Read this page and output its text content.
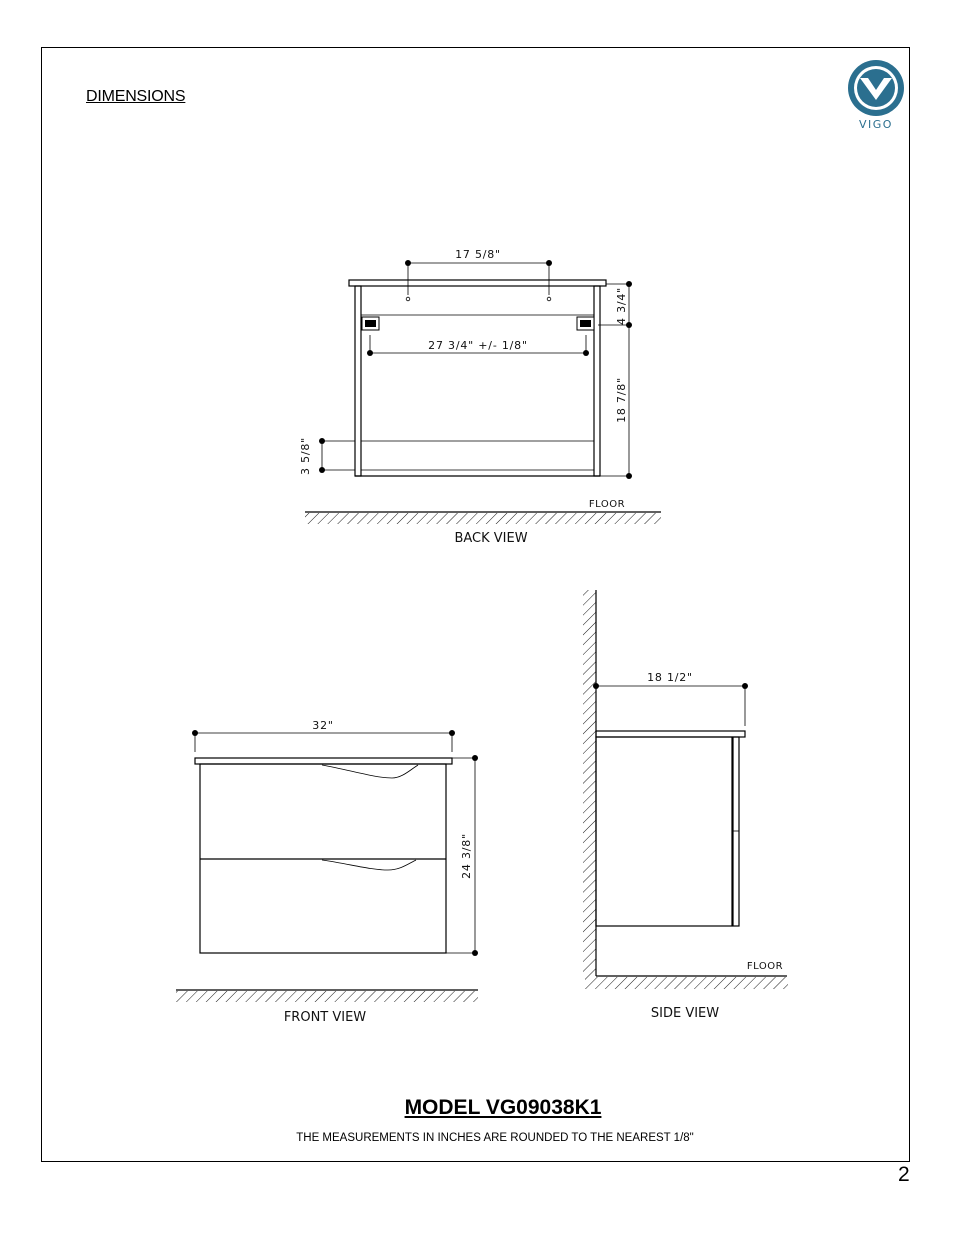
DIMENSIONS
VIGO
17 5/8"
27 3/4" +/- 1/8"
4 3/4"
18 7/8"
3 5/8"
FLOOR
BACK VIEW
32"
24 3/8"
FRONT VIEW
FLOOR
18 1/2"
SIDE VIEW
MODEL VG09038K1
THE MEASUREMENTS IN INCHES ARE ROUNDED TO THE NEAREST 1/8"
2
